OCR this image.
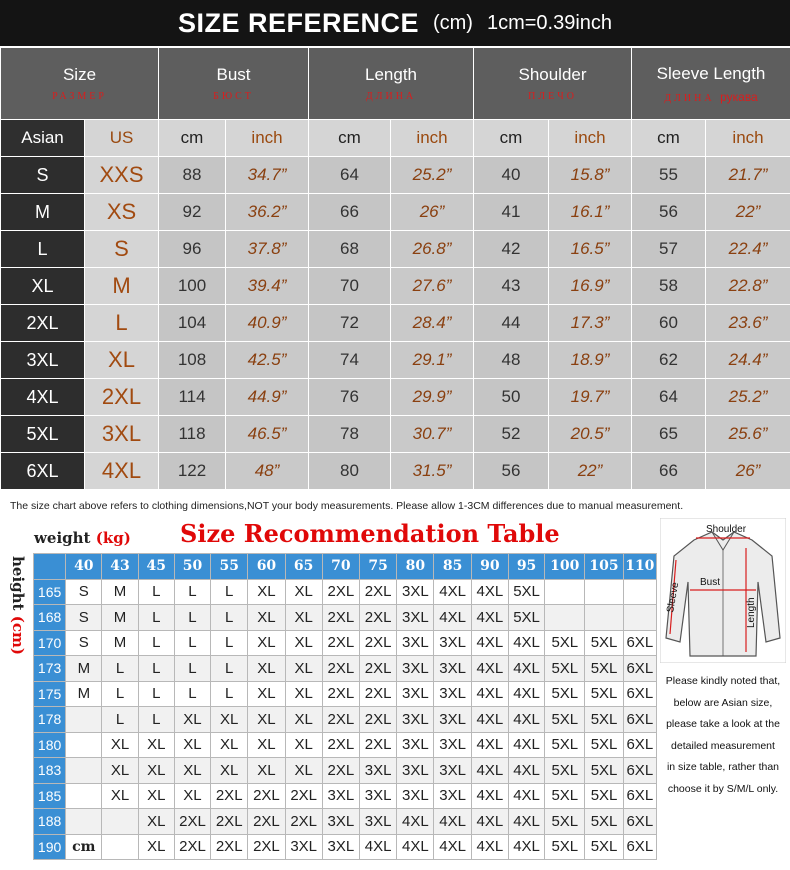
SIZE REFERENCE (cm) 1cm=0.39inch
Size
РАЗМЕР		Bust
БЮСТ		Length
ДЛИНА		Shoulder
ПЛЕЧО		Sleeve Length
ДЛИНА рукава	

Asian	US	cm	inch	cm	inch	cm	inch	cm	inch
S	XXS	88	34.7”	64	25.2”	40	15.8”	55	21.7”
M	XS	92	36.2”	66	26”	41	16.1”	56	22”
L	S	96	37.8”	68	26.8”	42	16.5”	57	22.4”
XL	M	100	39.4”	70	27.6”	43	16.9”	58	22.8”
2XL	L	104	40.9”	72	28.4”	44	17.3”	60	23.6”
3XL	XL	108	42.5”	74	29.1”	48	18.9”	62	24.4”
4XL	2XL	114	44.9”	76	29.9”	50	19.7”	64	25.2”
5XL	3XL	118	46.5”	78	30.7”	52	20.5”	65	25.6”
6XL	4XL	122	48”	80	31.5”	56	22”	66	26”
The size chart above refers to clothing dimensions,NOT your body measurements. Please allow 1-3CM differences due to manual measurement.
Size Recommendation Table
weight (kg)
height (cm)
	40	43	45	50	55	60	65	70	75	80	85	90	95	100	105	110
165	S	M	L	L	L	XL	XL	2XL	2XL	3XL	4XL	4XL	5XL			
168	S	M	L	L	L	XL	XL	2XL	2XL	3XL	4XL	4XL	5XL			
170	S	M	L	L	L	XL	XL	2XL	2XL	3XL	3XL	4XL	4XL	5XL	5XL	6XL
173	M	L	L	L	L	XL	XL	2XL	2XL	3XL	3XL	4XL	4XL	5XL	5XL	6XL
175	M	L	L	L	L	XL	XL	2XL	2XL	3XL	3XL	4XL	4XL	5XL	5XL	6XL
178		L	L	XL	XL	XL	XL	2XL	2XL	3XL	3XL	4XL	4XL	5XL	5XL	6XL
180		XL	XL	XL	XL	XL	XL	2XL	2XL	3XL	3XL	4XL	4XL	5XL	5XL	6XL
183		XL	XL	XL	XL	XL	XL	2XL	3XL	3XL	3XL	4XL	4XL	5XL	5XL	6XL
185		XL	XL	XL	2XL	2XL	2XL	3XL	3XL	3XL	3XL	4XL	4XL	5XL	5XL	6XL
188			XL	2XL	2XL	2XL	2XL	3XL	3XL	4XL	4XL	4XL	4XL	5XL	5XL	6XL
190	cm		XL	2XL	2XL	2XL	3XL	3XL	4XL	4XL	4XL	4XL	4XL	5XL	5XL	6XL
Shoulder
Bust
Length
Sleeve
Please kindly noted that,
below are Asian size,
please take a look at the
detailed measurement
in size table, rather than
choose it by S/M/L only.
